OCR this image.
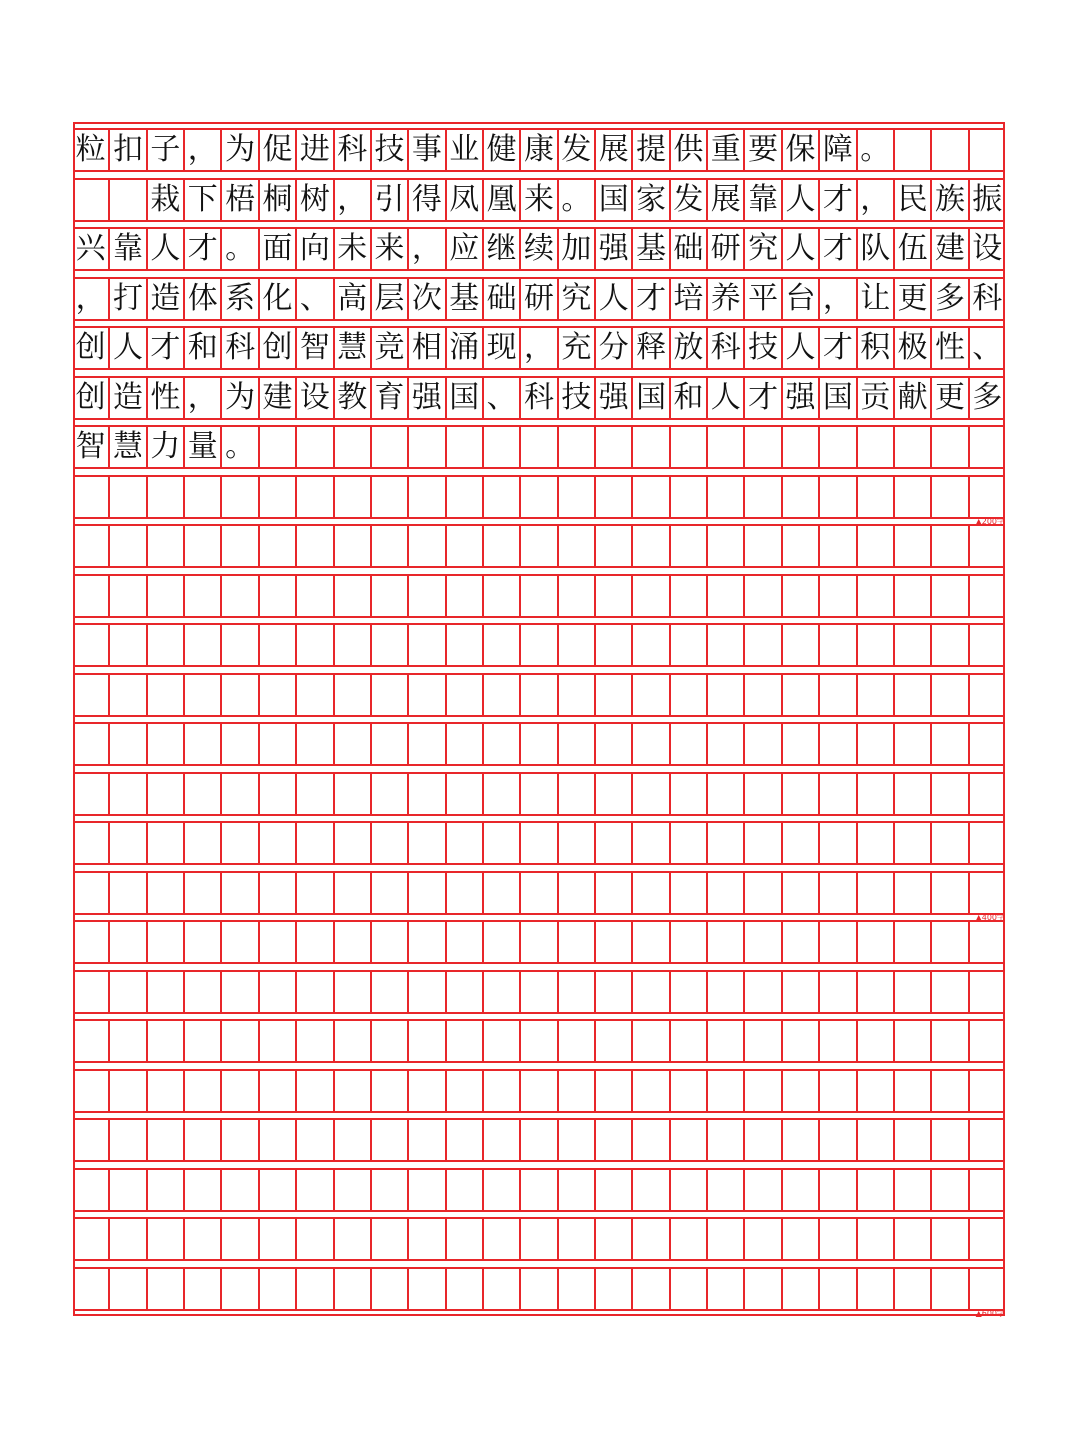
粒 扣 子 ， 为 促 进 科 技 事 业 健 康 发 展 提 供 重 要 保 障 。
栽 下 梧 桐 树 ， 引 得 凤 凰 来 。 国 家 发 展 靠 人 才 ， 民 族 振
兴 靠 人 才 。 面 向 未 来 ， 应 继 续 加 强 基 础 研 究 人 才 队 伍 建 设
， 打 造 体 系 化 、 高 层 次 基 础 研 究 人 才 培 养 平 台 ， 让 更 多 科
创 人 才 和 科 创 智 慧 竞 相 涌 现 ， 充 分 释 放 科 技 人 才 积 极 性 、
创 造 性 ， 为 建 设 教 育 强 国 、 科 技 强 国 和 人 才 强 国 贡 献 更 多
智 慧 力 量 。
▲200字
▲400字
▲600字
